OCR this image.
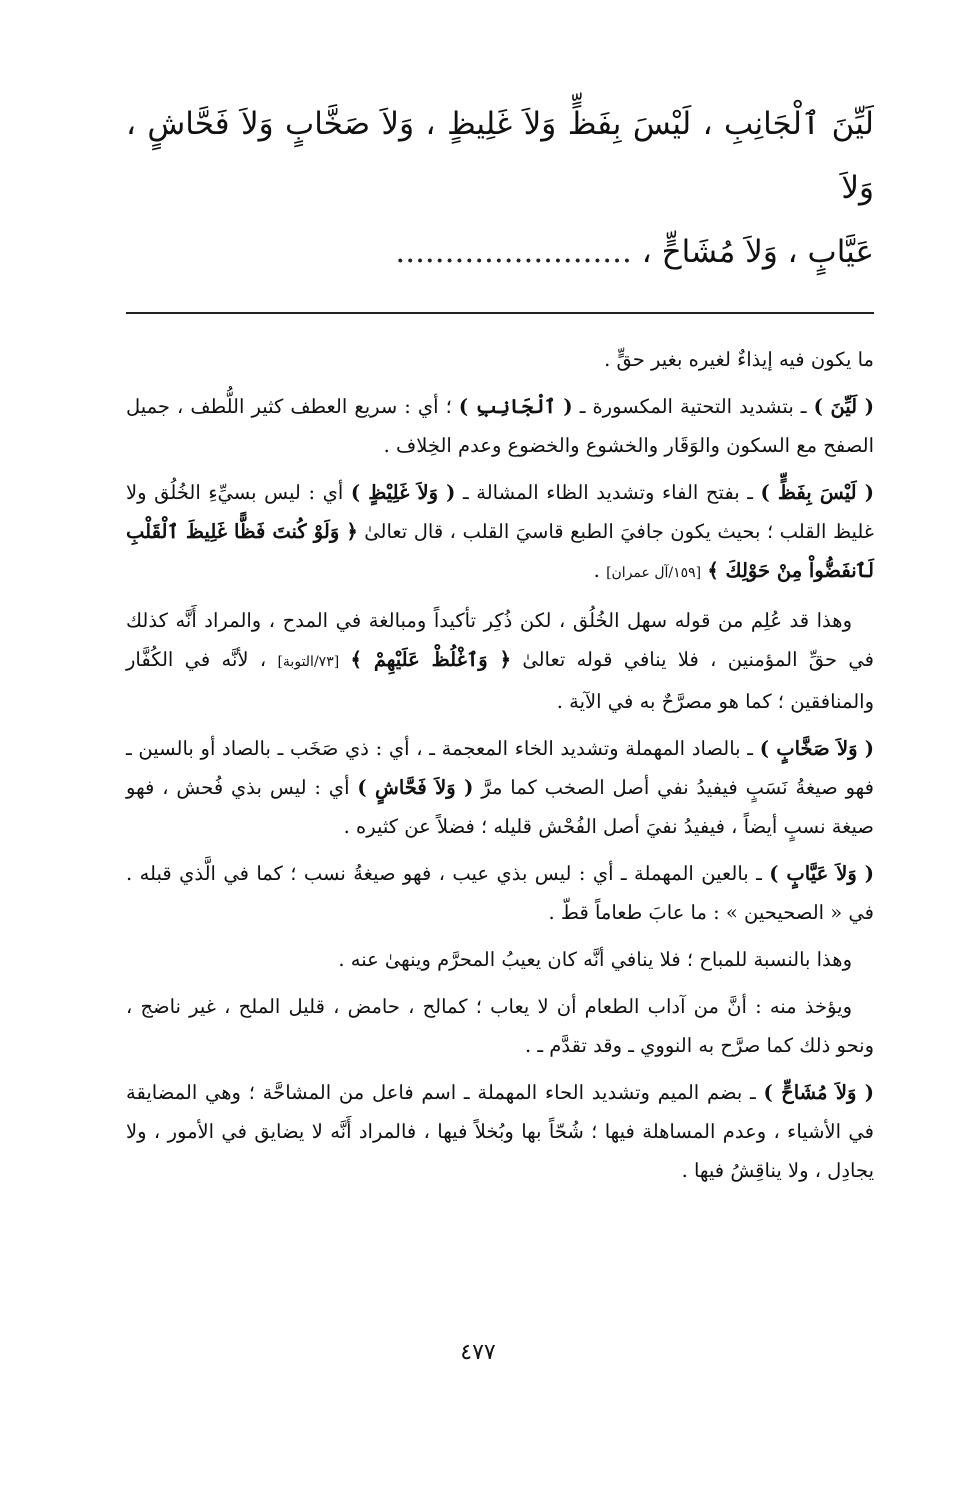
لَيِّنَ ٱلْجَانِبِ ، لَيْسَ بِفَظٍّ وَلاَ غَلِيظٍ ، وَلاَ صَخَّابٍ وَلاَ فَحَّاشٍ ، وَلاَ
عَيَّابٍ ، وَلاَ مُشَاحٍّ ، ........................

ما يكون فيه إيذاءٌ لغيره بغير حقٍّ .

( لَيِّنَ ) ـ بتشديد التحتية المكسورة ـ ( ٱلْجَانِبِ ) ؛ أي : سريع العطف كثير اللُّطف ، جميل الصفح مع السكون والوَقَار والخشوع والخضوع وعدم الخِلاف .

( لَيْسَ بِفَظٍّ ) ـ بفتح الفاء وتشديد الظاء المشالة ـ ( وَلاَ غَلِيْظٍ ) أي : ليس بسيِّءِ الخُلُق ولا غليظ القلب ؛ بحيث يكون جافيَ الطبع قاسيَ القلب ، قال تعالىٰ ﴿ وَلَوْ كُنتَ فَظًّا غَلِيظَ ٱلْقَلْبِ لَٱنفَضُّواْ مِنْ حَوْلِكَ ﴾ [١٥٩/آل عمران] .

وهذا قد عُلِم من قوله سهل الخُلُق ، لكن ذُكِر تأكيداً ومبالغة في المدح ، والمراد أَنَّه كذلك في حقِّ المؤمنين ، فلا ينافي قوله تعالىٰ ﴿ وَٱغْلُظْ عَلَيْهِمْ ﴾ [٧٣/التوبة] ، لأنَّه في الكُفَّار والمنافقين ؛ كما هو مصرَّحٌ به في الآية .

( وَلاَ صَخَّابٍ ) ـ بالصاد المهملة وتشديد الخاء المعجمة ـ ، أي : ذي صَخَب ـ بالصاد أو بالسين ـ فهو صيغةُ نَسَبٍ فيفيدُ نفي أصل الصخب كما مرَّ ( وَلاَ فَحَّاشٍ ) أي : ليس بذي فُحش ، فهو صيغة نسبٍ أيضاً ، فيفيدُ نفيَ أصل الفُحْش قليله ؛ فضلاً عن كثيره .

( وَلاَ عَيَّابٍ ) ـ بالعين المهملة ـ أي : ليس بذي عيب ، فهو صيغةُ نسب ؛ كما في الَّذي قبله . في « الصحيحين » : ما عابَ طعاماً قطّ .

وهذا بالنسبة للمباح ؛ فلا ينافي أنَّه كان يعيبُ المحرَّم وينهىٰ عنه .

ويؤخذ منه : أنَّ من آداب الطعام أن لا يعاب ؛ كمالح ، حامض ، قليل الملح ، غير ناضج ، ونحو ذلك كما صرَّح به النووي ـ وقد تقدَّم ـ .

( وَلاَ مُشَاحٍّ ) ـ بضم الميم وتشديد الحاء المهملة ـ اسم فاعل من المشاحَّة ؛ وهي المضايقة في الأشياء ، وعدم المساهلة فيها ؛ شُحّاً بها وبُخلاً فيها ، فالمراد أَنَّه لا يضايق في الأمور ، ولا يجادِل ، ولا يناقِشُ فيها .

٤٧٧
